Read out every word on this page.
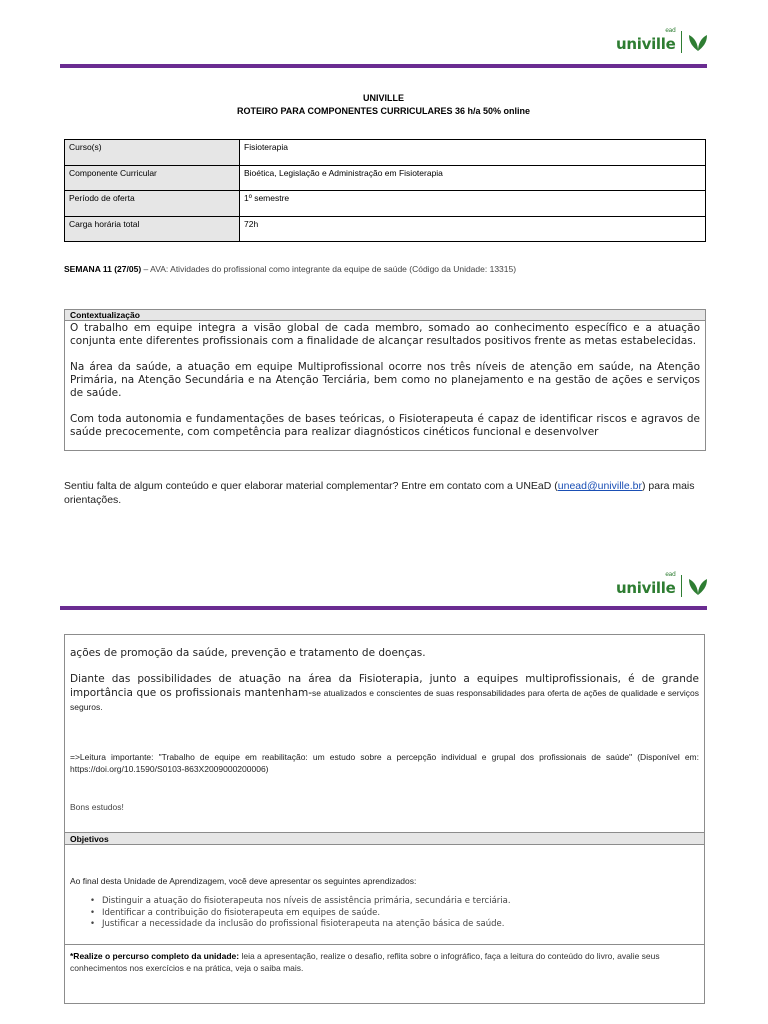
univille
ead
UNIVILLE
ROTEIRO PARA COMPONENTES CURRICULARES 36 h/a 50% online
Curso(s)	Fisioterapia
Componente Curricular	Bioética, Legislação e Administração em Fisioterapia
Período de oferta	1º semestre
Carga horária total	72h
SEMANA 11 (27/05) – AVA: Atividades do profissional como integrante da equipe de saúde (Código da Unidade: 13315)
Contextualização

O trabalho em equipe integra a visão global de cada membro, somado ao conhecimento específico e a atuação conjunta ente diferentes profissionais com a finalidade de alcançar resultados positivos frente as metas estabelecidas.

Na área da saúde, a atuação em equipe Multiprofissional ocorre nos três níveis de atenção em saúde, na Atenção Primária, na Atenção Secundária e na Atenção Terciária, bem como no planejamento e na gestão de ações e serviços de saúde.

Com toda autonomia e fundamentações de bases teóricas, o Fisioterapeuta é capaz de identificar riscos e agravos de saúde precocemente, com competência para realizar diagnósticos cinéticos funcional e desenvolver

Sentiu falta de algum conteúdo e quer elaborar material complementar? Entre em contato com a UNEaD (unead@univille.br) para mais orientações.
univille
ead
ações de promoção da saúde, prevenção e tratamento de doenças.
Diante das possibilidades de atuação na área da Fisioterapia, junto a equipes multiprofissionais, é de grande importância que os profissionais mantenham-se atualizados e conscientes de suas responsabilidades para oferta de ações de qualidade e serviços seguros.
=>Leitura importante: "Trabalho de equipe em reabilitação: um estudo sobre a percepção individual e grupal dos profissionais de saúde" (Disponível em: https://doi.org/10.1590/S0103-863X2009000200006)
Bons estudos!
Objetivos
Ao final desta Unidade de Aprendizagem, você deve apresentar os seguintes aprendizados:
• Distinguir a atuação do fisioterapeuta nos níveis de assistência primária, secundária e terciária.
• Identificar a contribuição do fisioterapeuta em equipes de saúde.
• Justificar a necessidade da inclusão do profissional fisioterapeuta na atenção básica de saúde.
*Realize o percurso completo da unidade: leia a apresentação, realize o desafio, reflita sobre o infográfico, faça a leitura do conteúdo do livro, avalie seus conhecimentos nos exercícios e na prática, veja o saiba mais.
